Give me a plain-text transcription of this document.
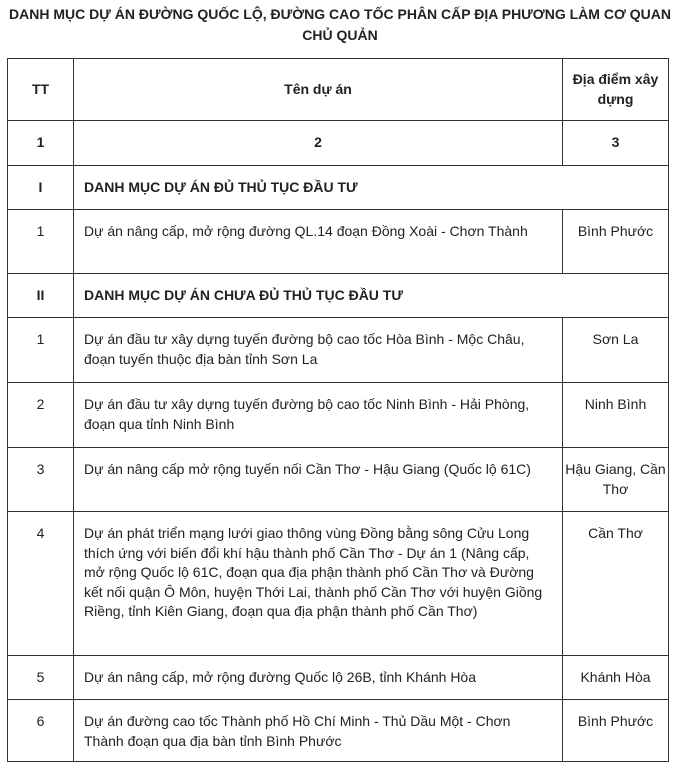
DANH MỤC DỰ ÁN ĐƯỜNG QUỐC LỘ, ĐƯỜNG CAO TỐC PHÂN CẤP ĐỊA PHƯƠNG LÀM CƠ QUAN CHỦ QUẢN
TT	Tên dự án	Địa điểm xây dựng
1	2	3
I	DANH MỤC DỰ ÁN ĐỦ THỦ TỤC ĐẦU TƯ	
1	Dự án nâng cấp, mở rộng đường QL.14 đoạn Đồng Xoài - Chơn Thành	Bình Phước
II	DANH MỤC DỰ ÁN CHƯA ĐỦ THỦ TỤC ĐẦU TƯ	
1	Dự án đầu tư xây dựng tuyến đường bộ cao tốc Hòa Bình - Mộc Châu, đoạn tuyến thuộc địa bàn tỉnh Sơn La	Sơn La
2	Dự án đầu tư xây dựng tuyến đường bộ cao tốc Ninh Bình - Hải Phòng, đoạn qua tỉnh Ninh Bình	Ninh Bình
3	Dự án nâng cấp mở rộng tuyến nối Cần Thơ - Hậu Giang (Quốc lộ 61C)	Hậu Giang, Cần Thơ
4	Dự án phát triển mạng lưới giao thông vùng Đồng bằng sông Cửu Long thích ứng với biến đổi khí hậu thành phố Cần Thơ - Dự án 1 (Nâng cấp, mở rộng Quốc lộ 61C, đoạn qua địa phận thành phố Cần Thơ và Đường kết nối quận Ô Môn, huyện Thới Lai, thành phố Cần Thơ với huyện Giồng Riềng, tỉnh Kiên Giang, đoạn qua địa phận thành phố Cần Thơ)	Cần Thơ
5	Dự án nâng cấp, mở rộng đường Quốc lộ 26B, tỉnh Khánh Hòa	Khánh Hòa
6	Dự án đường cao tốc Thành phố Hồ Chí Minh - Thủ Dầu Một - Chơn Thành đoạn qua địa bàn tỉnh Bình Phước	Bình Phước
